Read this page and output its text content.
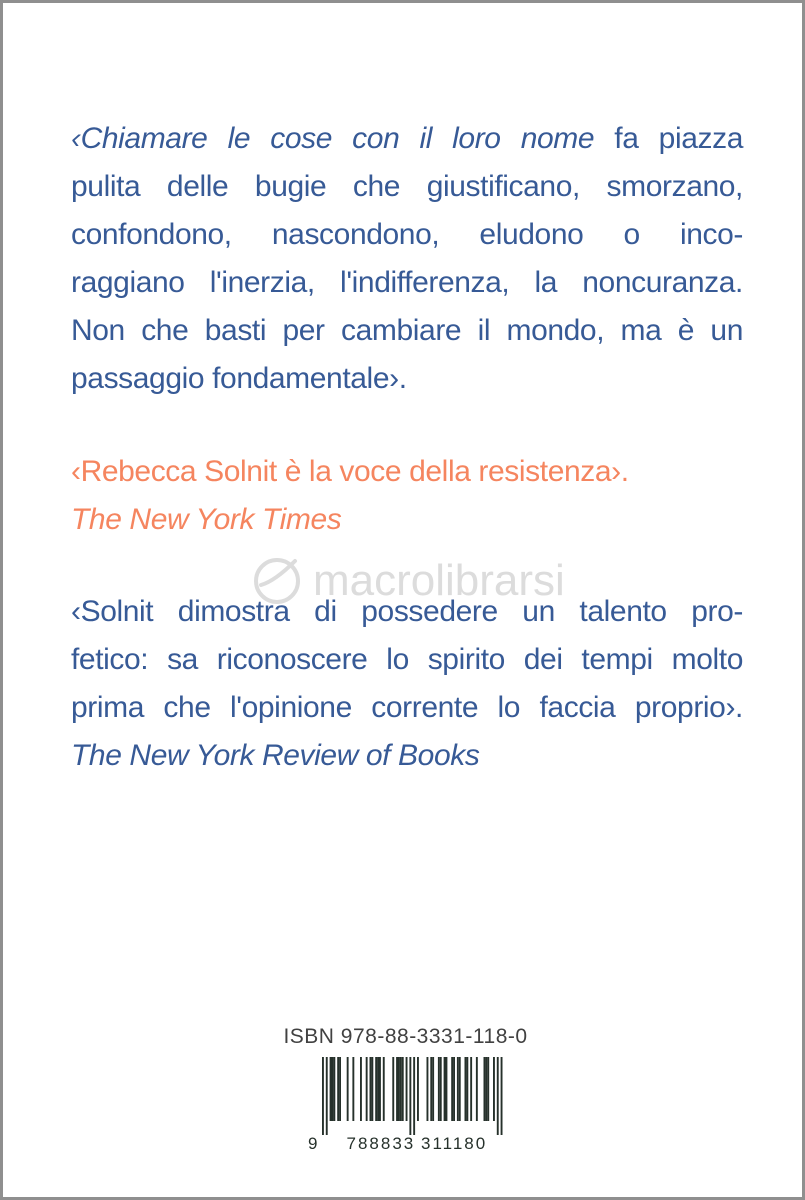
macrolibrarsi
‹Chiamare le cose con il loro nome fa piazza
pulita delle bugie che giustificano, smorzano,
confondono, nascondono, eludono o inco-
raggiano l'inerzia, l'indifferenza, la noncuranza.
Non che basti per cambiare il mondo, ma è un
passaggio fondamentale›.
‹Rebecca Solnit è la voce della resistenza›.
The New York Times
‹Solnit dimostra di possedere un talento pro-
fetico: sa riconoscere lo spirito dei tempi molto
prima che l'opinione corrente lo faccia proprio›.
The New York Review of Books
ISBN 978-88-3331-118-0
9 788833 311180
